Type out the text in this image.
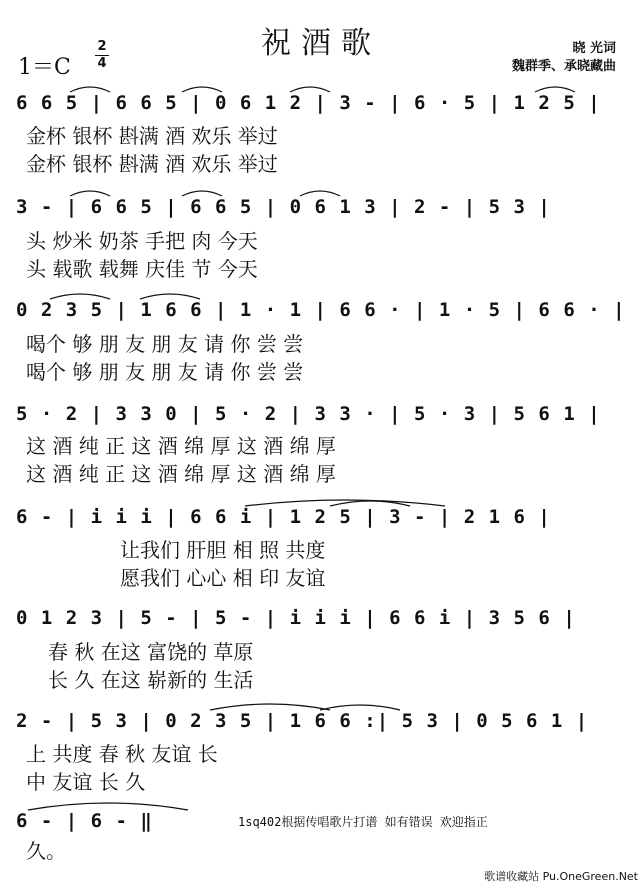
祝酒歌
1＝C
2
4
晓 光词
魏群季、承晓藏曲
6 6 5 | 6 6 5 | 0 6 1 2 | 3 - | 6 · 5 | 1 2 5 |
金杯 银杯 斟满 酒 欢乐 举过
金杯 银杯 斟满 酒 欢乐 举过
3 - | 6 6 5 | 6 6 5 | 0 6 1 3 | 2 - | 5 3 |
头 炒米 奶茶 手把 肉 今天
头 载歌 载舞 庆佳 节 今天
0 2 3 5 | 1 6 6 | 1 · 1 | 6 6 · | 1 · 5 | 6 6 · |
喝个 够 朋 友 朋 友 请 你 尝 尝
喝个 够 朋 友 朋 友 请 你 尝 尝
5 · 2 | 3 3 0 | 5 · 2 | 3 3 · | 5 · 3 | 5 6 1 |
这 酒 纯 正 这 酒 绵 厚 这 酒 绵 厚
这 酒 纯 正 这 酒 绵 厚 这 酒 绵 厚
6 - | i i i | 6 6 i | 1 2 5 | 3 - | 2 1 6 |
让我们 肝胆 相 照 共度
愿我们 心心 相 印 友谊
0 1 2 3 | 5 - | 5 - | i i i | 6 6 i | 3 5 6 |
春 秋 在这 富饶的 草原
长 久 在这 崭新的 生活
2 - | 5 3 | 0 2 3 5 | 1 6 6 :| 5 3 | 0 5 6 1 |
上 共度 春 秋 友谊 长
中 友谊 长 久
6 - | 6 - ‖
久。
1sq402根据传唱歌片打谱 如有错误 欢迎指正
歌谱收藏站 Pu.OneGreen.Net
